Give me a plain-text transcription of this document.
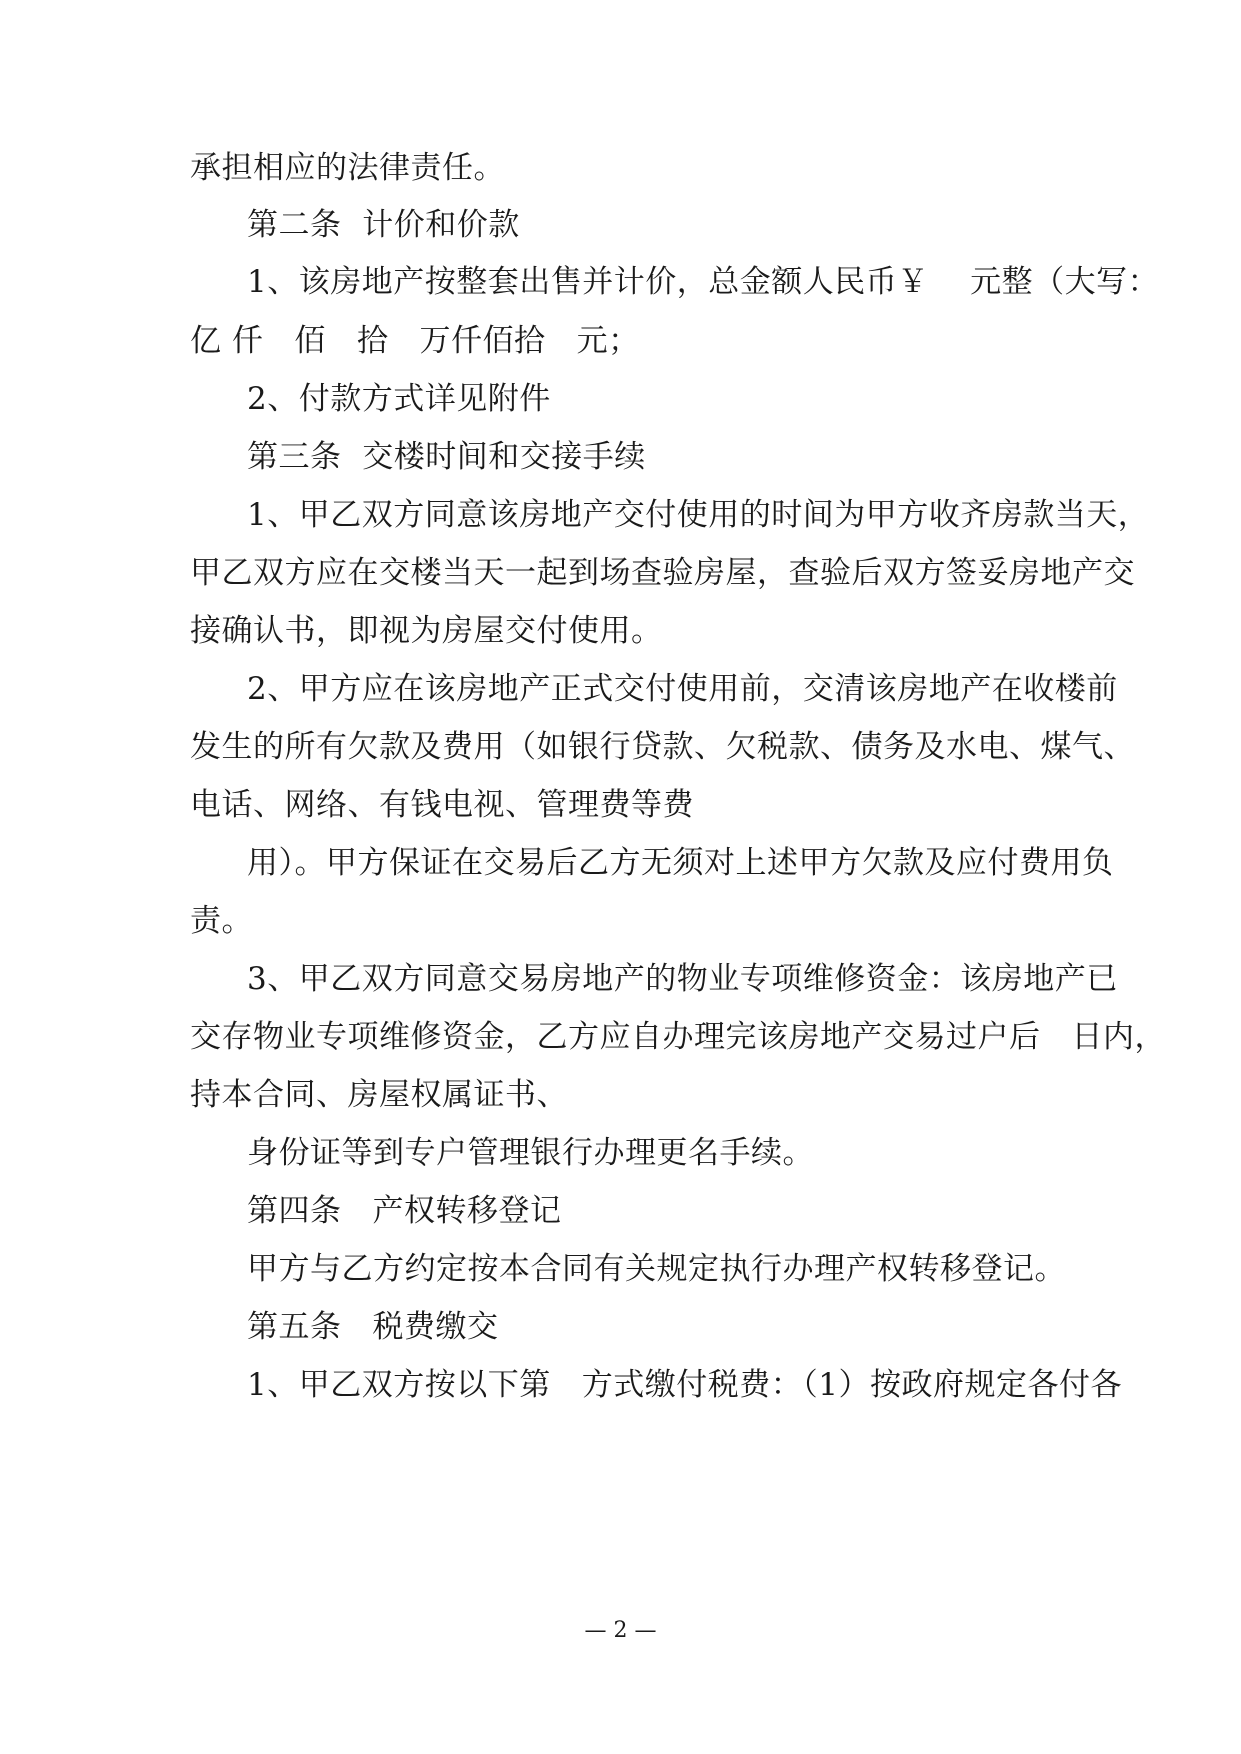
承担相应的法律责任。
第二条  计价和价款
1、该房地产按整套出售并计价，总金额人民币￥    元整（大写：
亿 仟   佰   拾   万仟佰拾   元；
2、付款方式详见附件
第三条  交楼时间和交接手续
1、甲乙双方同意该房地产交付使用的时间为甲方收齐房款当天，
甲乙双方应在交楼当天一起到场查验房屋，查验后双方签妥房地产交
接确认书，即视为房屋交付使用。
2、甲方应在该房地产正式交付使用前，交清该房地产在收楼前
发生的所有欠款及费用（如银行贷款、欠税款、债务及水电、煤气、
电话、网络、有钱电视、管理费等费
用）。甲方保证在交易后乙方无须对上述甲方欠款及应付费用负
责。
3、甲乙双方同意交易房地产的物业专项维修资金：该房地产已
交存物业专项维修资金，乙方应自办理完该房地产交易过户后   日内，
持本合同、房屋权属证书、
身份证等到专户管理银行办理更名手续。
第四条   产权转移登记
甲方与乙方约定按本合同有关规定执行办理产权转移登记。
第五条   税费缴交
1、甲乙双方按以下第   方式缴付税费：（1）按政府规定各付各
— 2 —
